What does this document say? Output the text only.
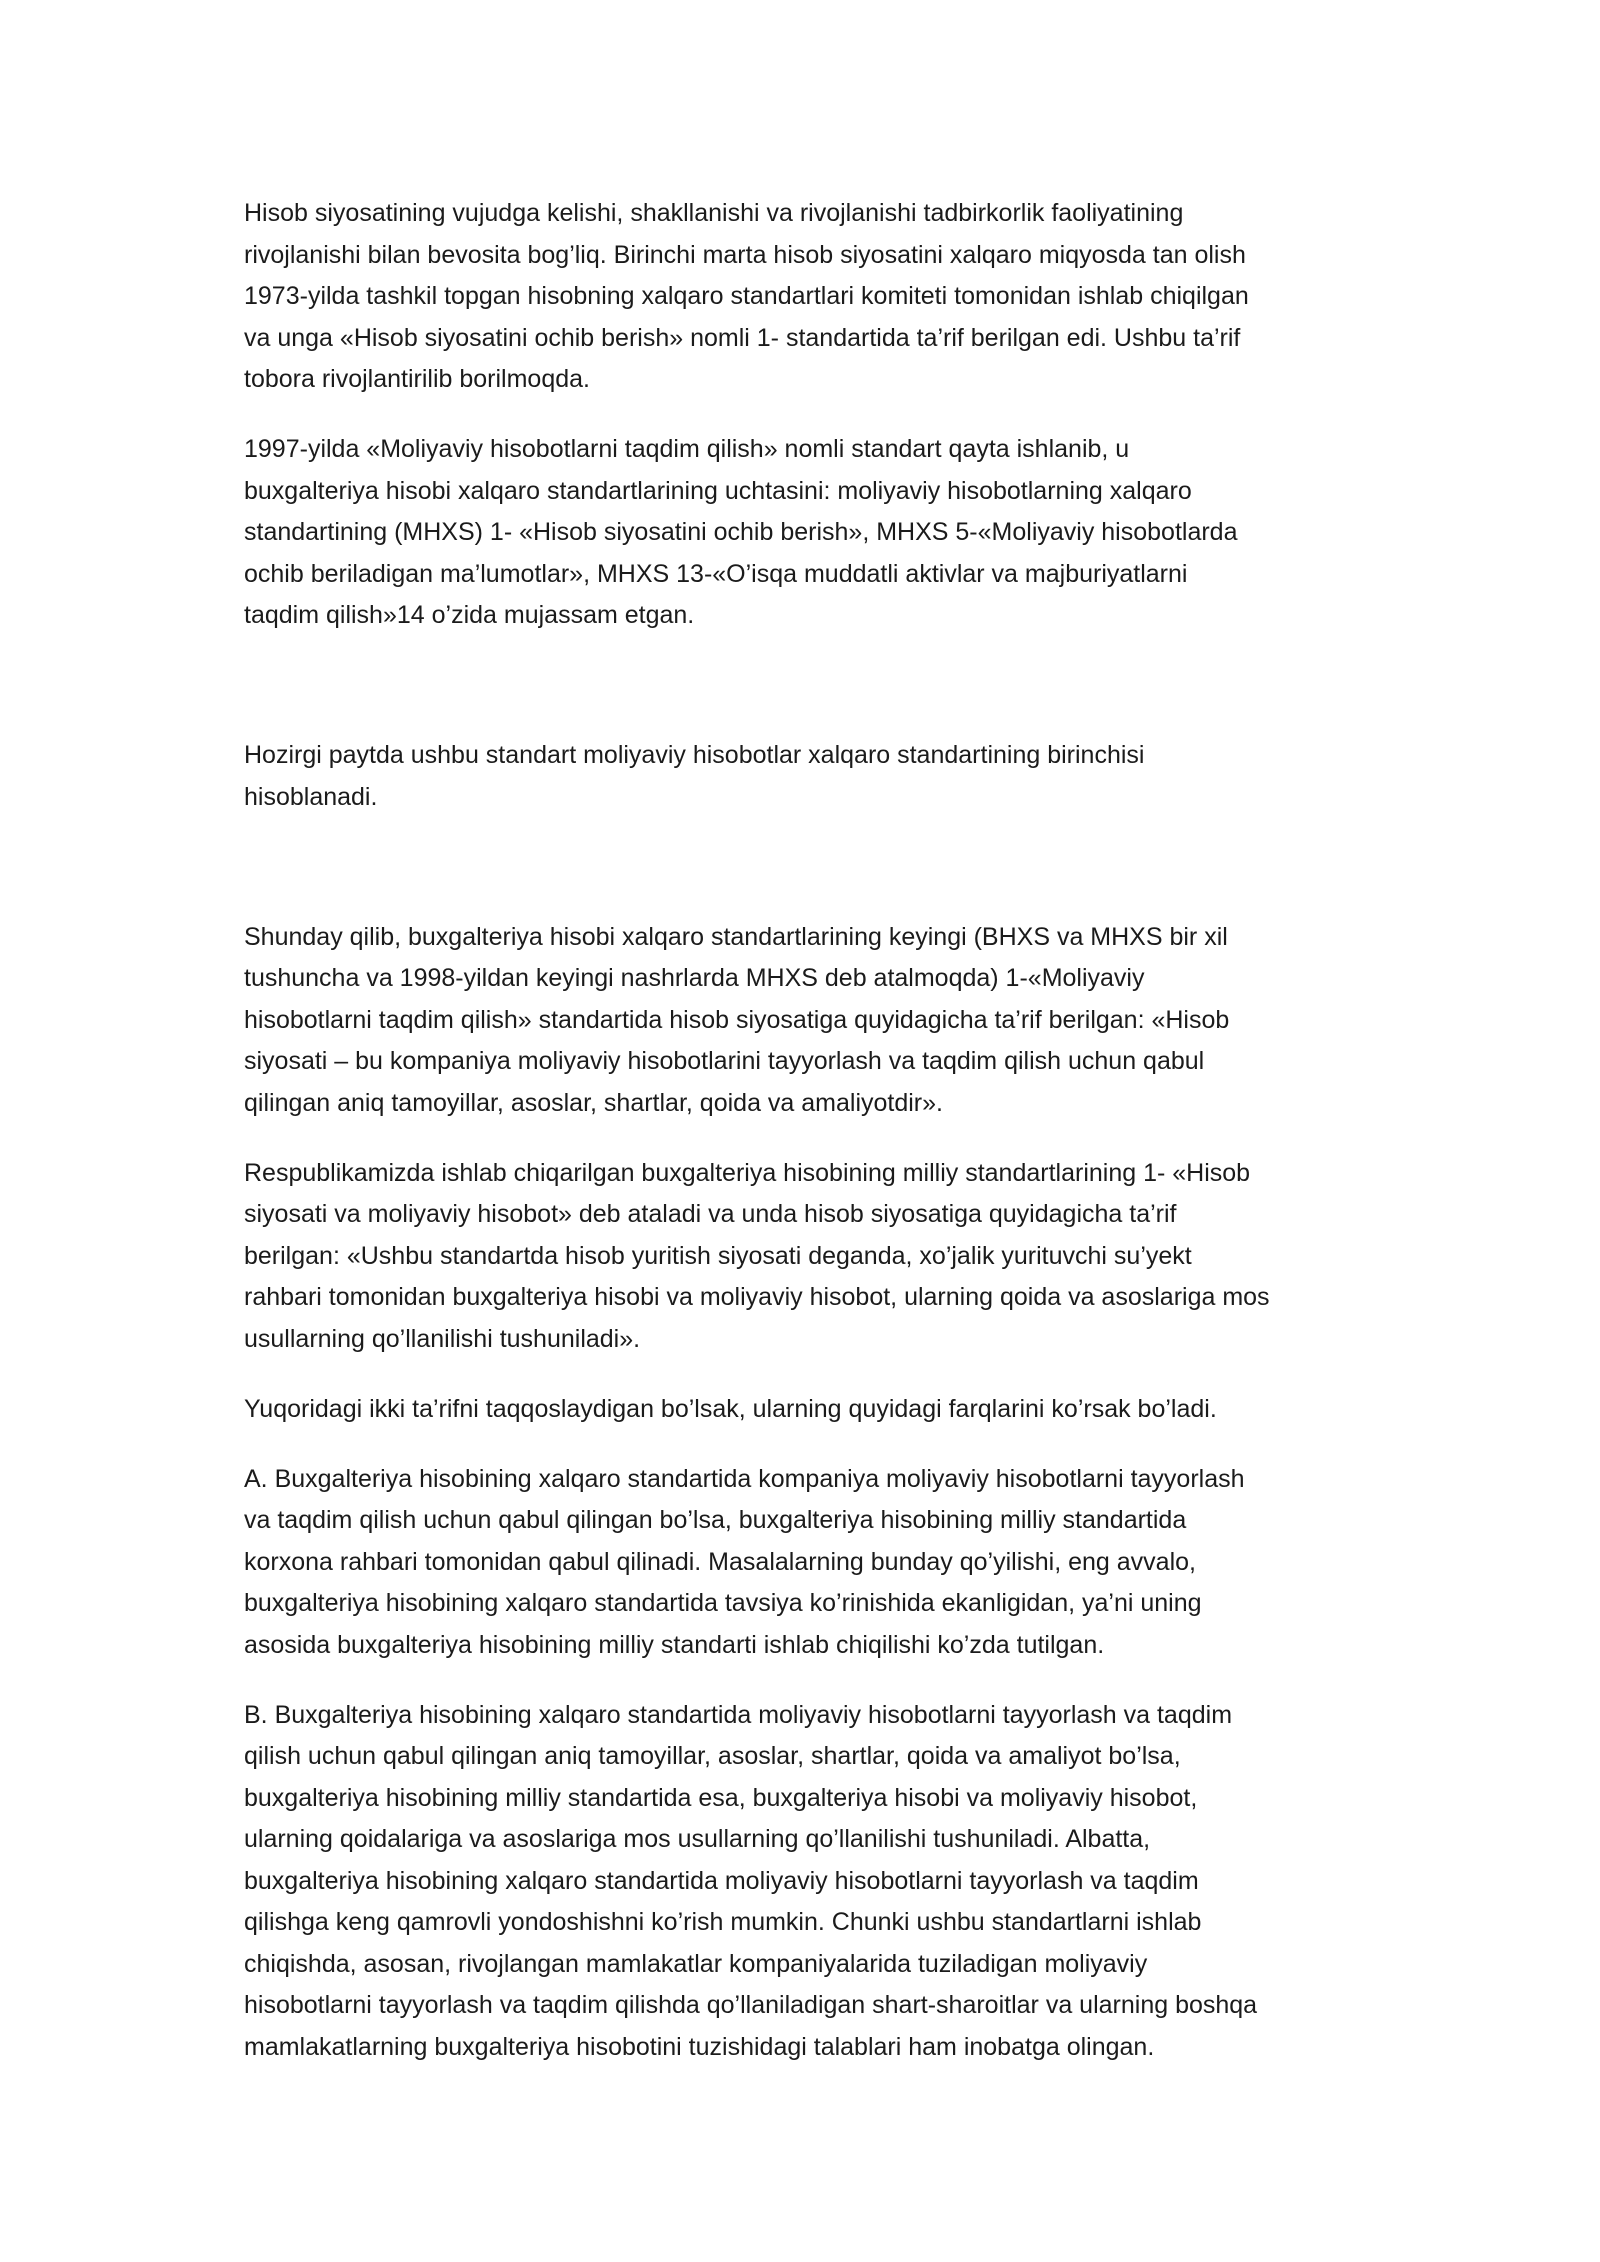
Hisob siyosatining vujudga kelishi, shakllanishi va rivojlanishi tadbirkorlik faoliyatining
rivojlanishi bilan bevosita bog’liq. Birinchi marta hisob siyosatini xalqaro miqyosda tan olish
1973-yilda tashkil topgan hisobning xalqaro standartlari komiteti tomonidan ishlab chiqilgan
va unga «Hisob siyosatini ochib berish» nomli 1- standartida ta’rif berilgan edi. Ushbu ta’rif
tobora rivojlantirilib borilmoqda.
1997-yilda «Moliyaviy hisobotlarni taqdim qilish» nomli standart qayta ishlanib, u
buxgalteriya hisobi xalqaro standartlarining uchtasini: moliyaviy hisobotlarning xalqaro
standartining (MHXS) 1- «Hisob siyosatini ochib berish», MHXS 5-«Moliyaviy hisobotlarda
ochib beriladigan ma’lumotlar», MHXS 13-«O’isqa muddatli aktivlar va majburiyatlarni
taqdim qilish»14 o’zida mujassam etgan.
Hozirgi paytda ushbu standart moliyaviy hisobotlar xalqaro standartining birinchisi
hisoblanadi.
Shunday qilib, buxgalteriya hisobi xalqaro standartlarining keyingi (BHXS va MHXS bir xil
tushuncha va 1998-yildan keyingi nashrlarda MHXS deb atalmoqda) 1-«Moliyaviy
hisobotlarni taqdim qilish» standartida hisob siyosatiga quyidagicha ta’rif berilgan: «Hisob
siyosati – bu kompaniya moliyaviy hisobotlarini tayyorlash va taqdim qilish uchun qabul
qilingan aniq tamoyillar, asoslar, shartlar, qoida va amaliyotdir».
Respublikamizda ishlab chiqarilgan buxgalteriya hisobining milliy standartlarining 1- «Hisob
siyosati va moliyaviy hisobot» deb ataladi va unda hisob siyosatiga quyidagicha ta’rif
berilgan: «Ushbu standartda hisob yuritish siyosati deganda, xo’jalik yurituvchi su’yekt
rahbari tomonidan buxgalteriya hisobi va moliyaviy hisobot, ularning qoida va asoslariga mos
usullarning qo’llanilishi tushuniladi».
Yuqoridagi ikki ta’rifni taqqoslaydigan bo’lsak, ularning quyidagi farqlarini ko’rsak bo’ladi.
A. Buxgalteriya hisobining xalqaro standartida kompaniya moliyaviy hisobotlarni tayyorlash
va taqdim qilish uchun qabul qilingan bo’lsa, buxgalteriya hisobining milliy standartida
korxona rahbari tomonidan qabul qilinadi. Masalalarning bunday qo’yilishi, eng avvalo,
buxgalteriya hisobining xalqaro standartida tavsiya ko’rinishida ekanligidan, ya’ni uning
asosida buxgalteriya hisobining milliy standarti ishlab chiqilishi ko’zda tutilgan.
B. Buxgalteriya hisobining xalqaro standartida moliyaviy hisobotlarni tayyorlash va taqdim
qilish uchun qabul qilingan aniq tamoyillar, asoslar, shartlar, qoida va amaliyot bo’lsa,
buxgalteriya hisobining milliy standartida esa, buxgalteriya hisobi va moliyaviy hisobot,
ularning qoidalariga va asoslariga mos usullarning qo’llanilishi tushuniladi. Albatta,
buxgalteriya hisobining xalqaro standartida moliyaviy hisobotlarni tayyorlash va taqdim
qilishga keng qamrovli yondoshishni ko’rish mumkin. Chunki ushbu standartlarni ishlab
chiqishda, asosan, rivojlangan mamlakatlar kompaniyalarida tuziladigan moliyaviy
hisobotlarni tayyorlash va taqdim qilishda qo’llaniladigan shart-sharoitlar va ularning boshqa
mamlakatlarning buxgalteriya hisobotini tuzishidagi talablari ham inobatga olingan.
